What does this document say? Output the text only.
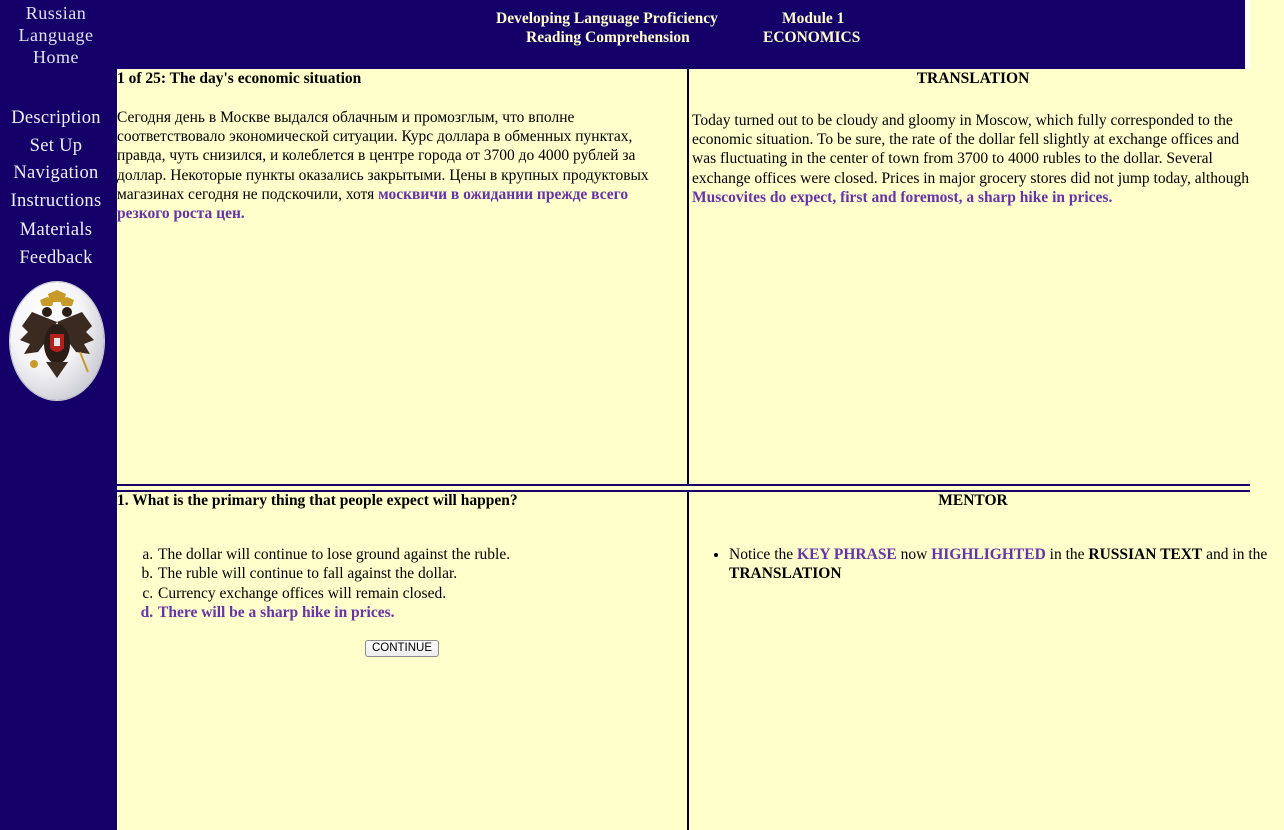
Russian
Language
Home
Description
Set Up
Navigation
Instructions
Materials
Feedback
Developing Language Proficiency
Reading Comprehension
Module 1
ECONOMICS
1 of 25: The day's economic situation
Сегодня день в Москве выдался облачным и промозглым, что вполне соответствовало экономической ситуации. Курс доллара в обменных пунктах, правда, чуть снизился, и колеблется в центре города от 3700 до 4000 рублей за доллар. Некоторые пункты оказались закрытыми. Цены в крупных продуктовых магазинах сегодня не подскочили, хотя москвичи в ожидании прежде всего резкого роста цен.
TRANSLATION
Today turned out to be cloudy and gloomy in Moscow, which fully corresponded to the economic situation. To be sure, the rate of the dollar fell slightly at exchange offices and was fluctuating in the center of town from 3700 to 4000 rubles to the dollar. Several exchange offices were closed. Prices in major grocery stores did not jump today, although Muscovites do expect, first and foremost, a sharp hike in prices.
1. What is the primary thing that people expect will happen?
a. The dollar will continue to lose ground against the ruble.
b. The ruble will continue to fall against the dollar.
c. Currency exchange offices will remain closed.
d. There will be a sharp hike in prices.
CONTINUE
MENTOR
• Notice the KEY PHRASE now HIGHLIGHTED in the RUSSIAN TEXT and in the TRANSLATION
